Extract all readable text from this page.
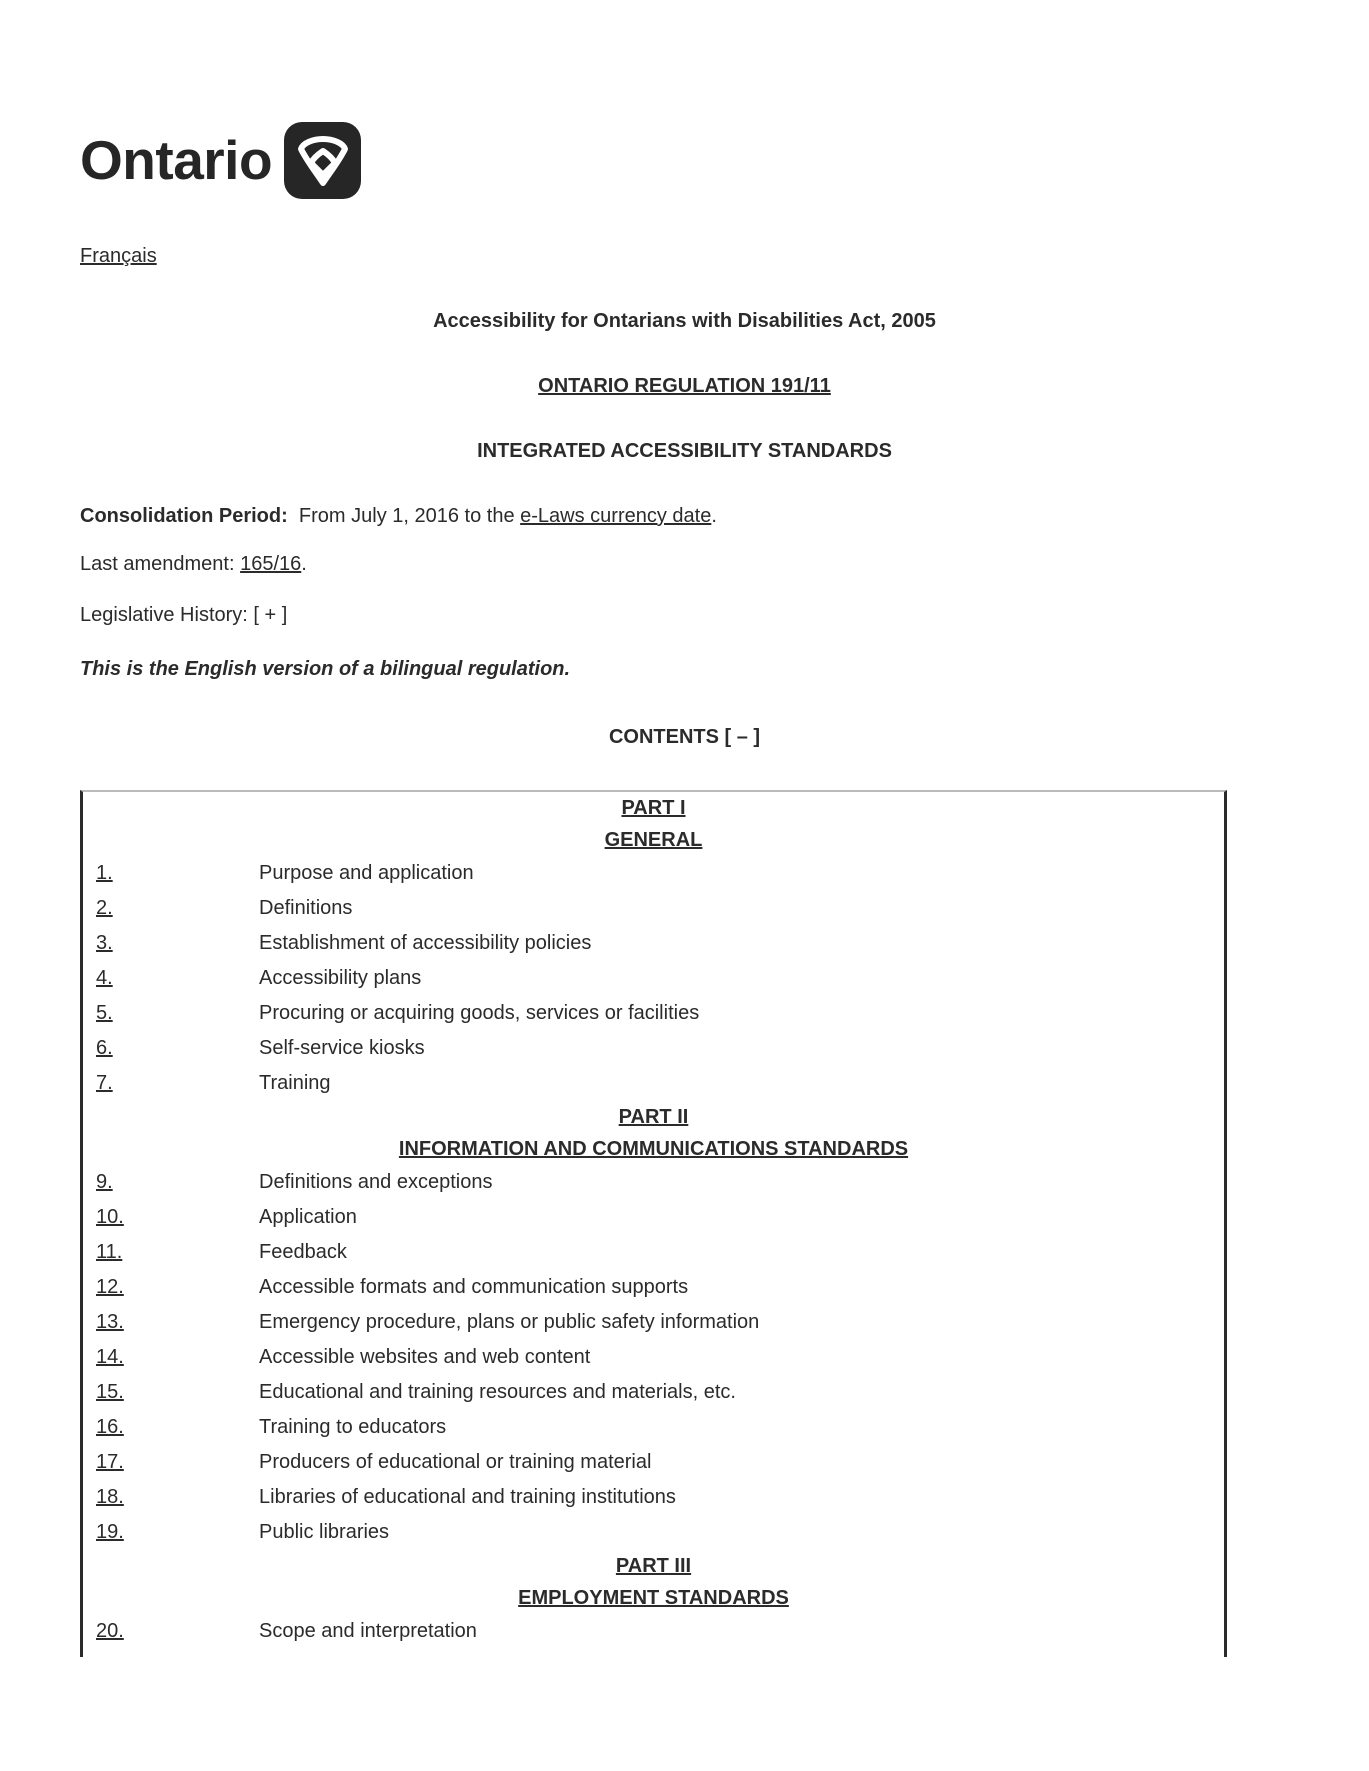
Ontario
Français
Accessibility for Ontarians with Disabilities Act, 2005
ONTARIO REGULATION 191/11
INTEGRATED ACCESSIBILITY STANDARDS
Consolidation Period: From July 1, 2016 to the e-Laws currency date.
Last amendment: 165/16.
Legislative History: [ + ]
This is the English version of a bilingual regulation.
CONTENTS [ – ]
PART I
GENERAL
1.	Purpose and application
2.	Definitions
3.	Establishment of accessibility policies
4.	Accessibility plans
5.	Procuring or acquiring goods, services or facilities
6.	Self-service kiosks
7.	Training
PART II
INFORMATION AND COMMUNICATIONS STANDARDS
9.	Definitions and exceptions
10.	Application
11.	Feedback
12.	Accessible formats and communication supports
13.	Emergency procedure, plans or public safety information
14.	Accessible websites and web content
15.	Educational and training resources and materials, etc.
16.	Training to educators
17.	Producers of educational or training material
18.	Libraries of educational and training institutions
19.	Public libraries
PART III
EMPLOYMENT STANDARDS
20.	Scope and interpretation
